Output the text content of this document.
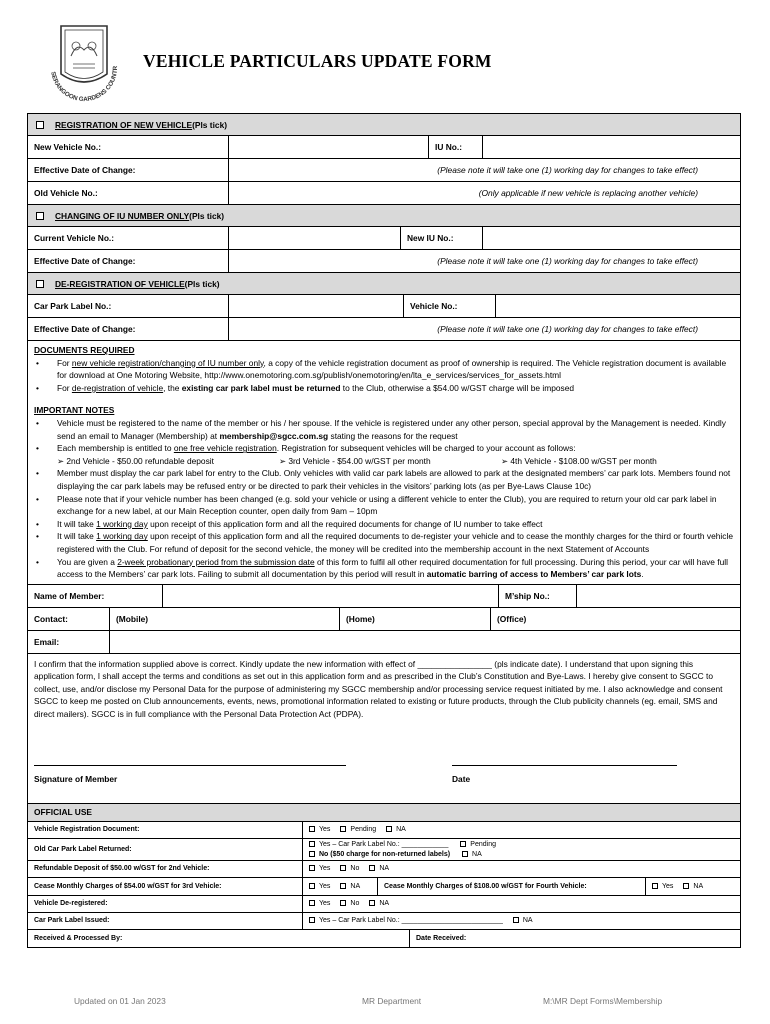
SERANGOON GARDENS COUNTR VEHICLE PARTICULARS UPDATE FORM
REGISTRATION OF NEW VEHICLE (Pls tick)
New Vehicle No.:	IU No.:
Effective Date of Change:	(Please note it will take one (1) working day for changes to take effect)
Old Vehicle No.:	(Only applicable if new vehicle is replacing another vehicle)
CHANGING OF IU NUMBER ONLY (Pls tick)
Current Vehicle No.:	New IU No.:
Effective Date of Change:	(Please note it will take one (1) working day for changes to take effect)
DE-REGISTRATION OF VEHICLE (Pls tick)
Car Park Label No.:	Vehicle No.:
Effective Date of Change:	(Please note it will take one (1) working day for changes to take effect)
DOCUMENTS REQUIRED
• For new vehicle registration/changing of IU number only, a copy of the vehicle registration document as proof of ownership is required. The Vehicle registration document is available for download at One Motoring Website, http://www.onemotoring.com.sg/publish/onemotoring/en/lta_e_services/services_for_assets.html
• For de-registration of vehicle, the existing car park label must be returned to the Club, otherwise a $54.00 w/GST charge will be imposed
IMPORTANT NOTES
• Vehicle must be registered to the name of the member or his / her spouse. If the vehicle is registered under any other person, special approval by the Management is needed. Kindly send an email to Manager (Membership) at membership@sgcc.com.sg stating the reasons for the request
• Each membership is entitled to one free vehicle registration. Registration for subsequent vehicles will be charged to your account as follows:
➢ 2nd Vehicle - $50.00 refundable deposit	➢ 3rd Vehicle - $54.00 w/GST per month	➢ 4th Vehicle - $108.00 w/GST per month
• Member must display the car park label for entry to the Club. Only vehicles with valid car park labels are allowed to park at the designated members’ car park lots. Members found not displaying the car park labels may be refused entry or be directed to park their vehicles in the visitors’ parking lots (as per Bye-Laws Clause 10c)
• Please note that if your vehicle number has been changed (e.g. sold your vehicle or using a different vehicle to enter the Club), you are required to return your old car park label in exchange for a new label, at our Main Reception counter, open daily from 9am – 10pm
• It will take 1 working day upon receipt of this application form and all the required documents for change of IU number to take effect
• It will take 1 working day upon receipt of this application form and all the required documents to de-register your vehicle and to cease the monthly charges for the third or fourth vehicle registered with the Club. For refund of deposit for the second vehicle, the money will be credited into the membership account in the next Statement of Accounts
• You are given a 2-week probationary period from the submission date of this form to fulfil all other required documentation for full processing. During this period, your car will have full access to the Members’ car park lots. Failing to submit all documentation by this period will result in automatic barring of access to Members’ car park lots.
Name of Member:	M’ship No.:
Contact:	(Mobile)	(Home)	(Office)
Email:
I confirm that the information supplied above is correct. Kindly update the new information with effect of ________________ (pls indicate date). I understand that upon signing this application form, I shall accept the terms and conditions as set out in this application form and as prescribed in the Club’s Constitution and Bye-Laws. I hereby give consent to SGCC to collect, use, and/or disclose my Personal Data for the purpose of administering my SGCC membership and/or processing service request initiated by me. I also acknowledge and consent SGCC to keep me posted on Club announcements, events, news, promotional information related to existing or future products, through the Club publicity channels (eg. email, SMS and direct mailers). SGCC is in full compliance with the Personal Data Protection Act (PDPA).
Signature of Member	Date
OFFICIAL USE
Vehicle Registration Document:	Yes	Pending	NA
Old Car Park Label Returned:
Yes – Car Park Label No.: ____________	Pending
No ($50 charge for non-returned labels)	NA
Refundable Deposit of $50.00 w/GST for 2nd Vehicle:	Yes	No	NA
Cease Monthly Charges of $54.00 w/GST for 3rd Vehicle:	Yes	NA	Cease Monthly Charges of $108.00 w/GST for Fourth Vehicle:	Yes	NA
Vehicle De-registered:	Yes	No	NA
Car Park Label Issued:	Yes – Car Park Label No.: __________________________	NA
Received & Processed By:	Date Received:
Updated on 01 Jan 2023	MR Department	M:\MR Dept Forms\Membership
